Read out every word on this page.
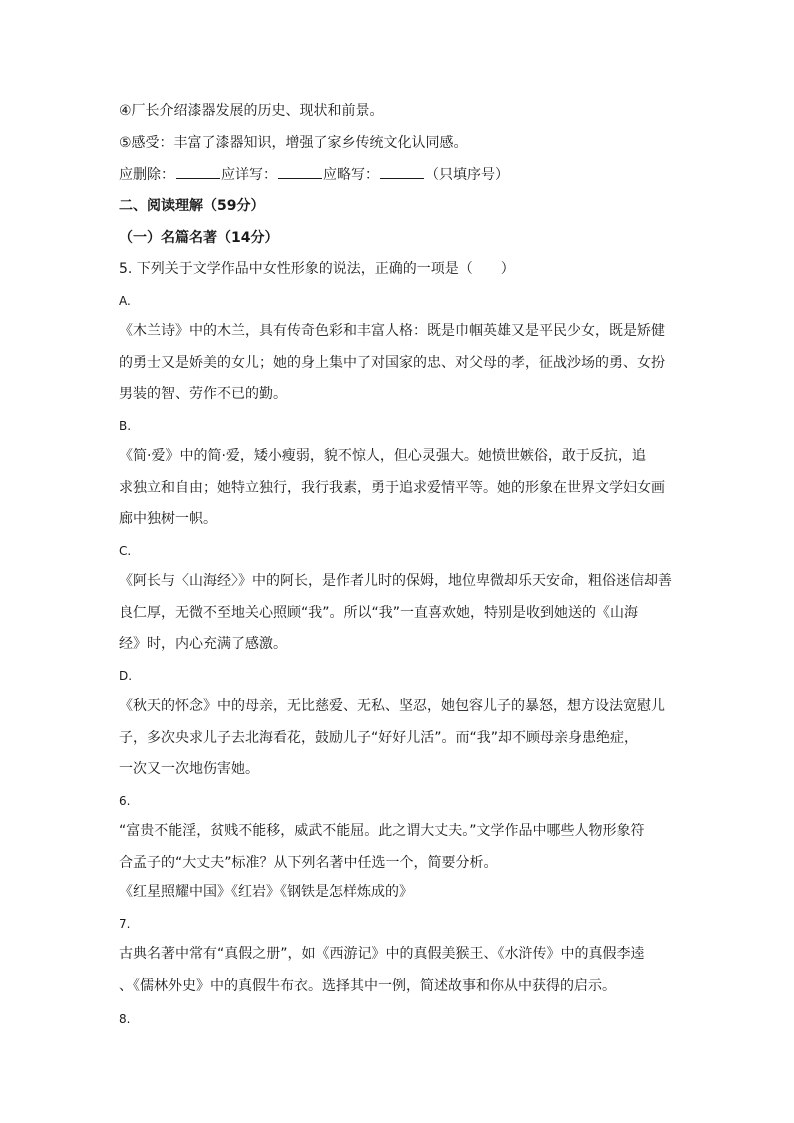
④厂长介绍漆器发展的历史、现状和前景。
⑤感受：丰富了漆器知识，增强了家乡传统文化认同感。
应删除：	应详写：	应略写：	（只填序号）
二、阅读理解（59分）
（一）名篇名著（14分）
5. 下列关于文学作品中女性形象的说法，正确的一项是（　　）
A.
《木兰诗》中的木兰，具有传奇色彩和丰富人格：既是巾帼英雄又是平民少女，既是矫健
的勇士又是娇美的女儿；她的身上集中了对国家的忠、对父母的孝，征战沙场的勇、女扮
男装的智、劳作不已的勤。
B.
《简·爱》中的简·爱，矮小瘦弱，貌不惊人，但心灵强大。她愤世嫉俗，敢于反抗，追
求独立和自由；她特立独行，我行我素，勇于追求爱情平等。她的形象在世界文学妇女画
廊中独树一帜。
C.
《阿长与〈山海经〉》中的阿长，是作者儿时的保姆，地位卑微却乐天安命，粗俗迷信却善
良仁厚，无微不至地关心照顾“我”。所以“我”一直喜欢她，特别是收到她送的《山海
经》时，内心充满了感激。
D.
《秋天的怀念》中的母亲，无比慈爱、无私、坚忍，她包容儿子的暴怒，想方设法宽慰儿
子，多次央求儿子去北海看花，鼓励儿子“好好儿活”。而“我”却不顾母亲身患绝症，
一次又一次地伤害她。
6.
“富贵不能淫，贫贱不能移，威武不能屈。此之谓大丈夫。”文学作品中哪些人物形象符
合孟子的“大丈夫”标准？从下列名著中任选一个，简要分析。
《红星照耀中国》《红岩》《钢铁是怎样炼成的》
7.
古典名著中常有“真假之册”，如《西游记》中的真假美猴王、《水浒传》中的真假李逵
、《儒林外史》中的真假牛布衣。选择其中一例，简述故事和你从中获得的启示。
8.
